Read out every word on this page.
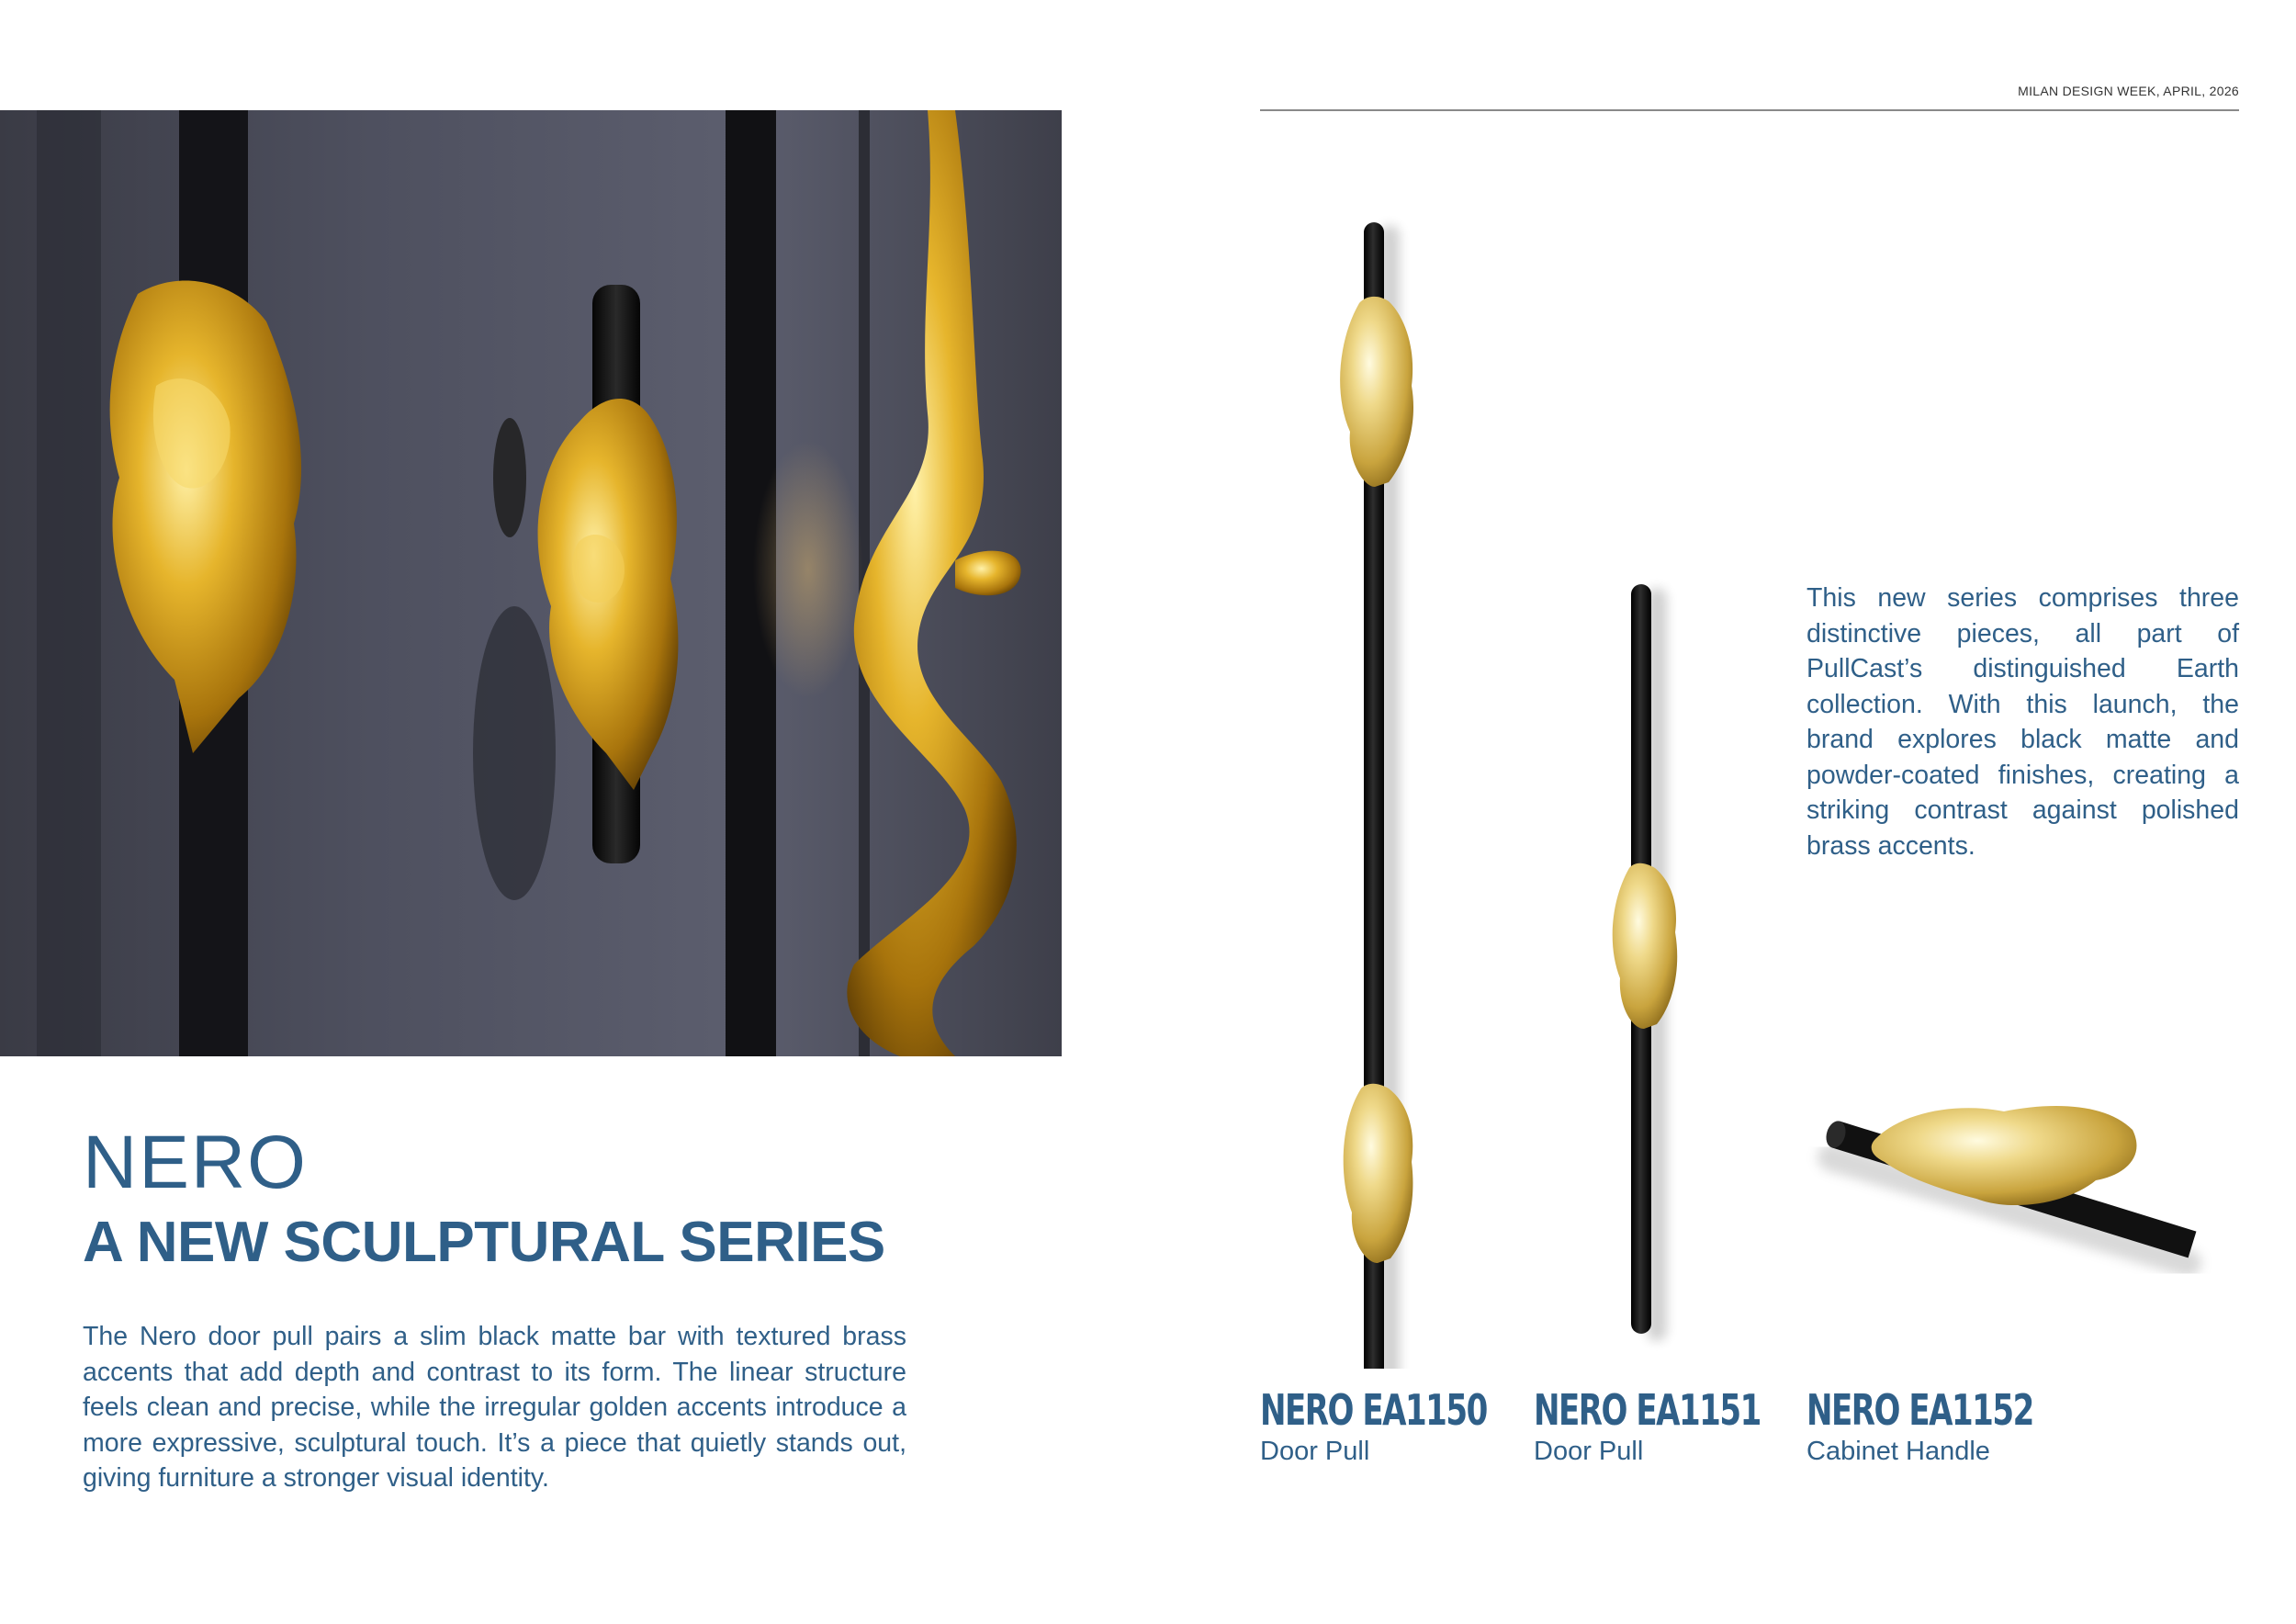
MILAN DESIGN WEEK, APRIL, 2026
NERO
A NEW SCULPTURAL SERIES
The Nero door pull pairs a slim black matte bar with textured brass accents that add depth and contrast to its form. The linear structure feels clean and precise, while the irregular golden accents introduce a more expressive, sculptural touch. It’s a piece that quietly stands out, giving furniture a stronger visual identity.
This new series comprises three distinctive pieces, all part of PullCast’s distinguished Earth collection. With this launch, the brand explores black matte and powder-coated finishes, creating a striking contrast against polished brass accents.
NERO EA1150
Door Pull
NERO EA1151
Door Pull
NERO EA1152
Cabinet Handle
